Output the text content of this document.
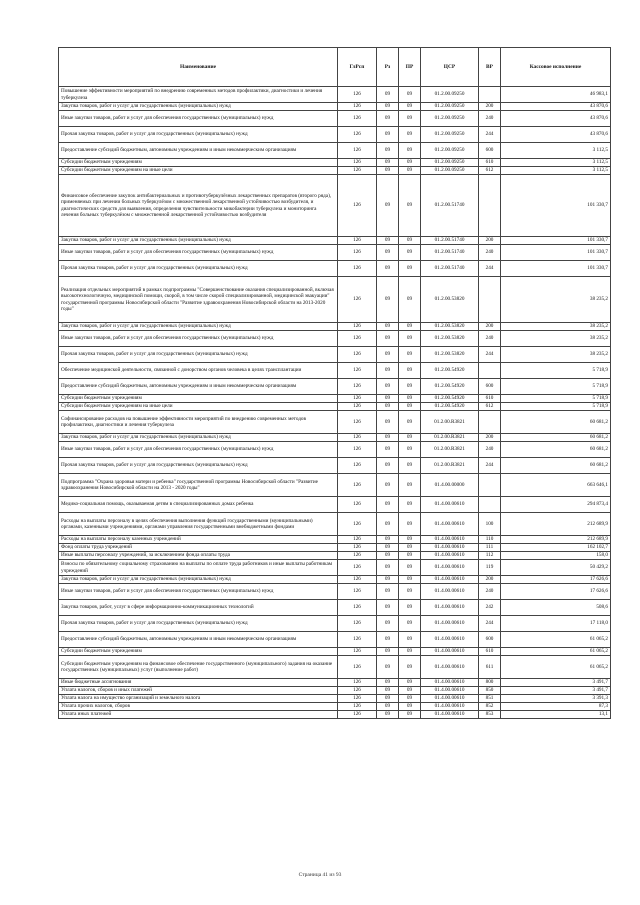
Наименование	ГлРсп	Рз	ПР	ЦСР	ВР	Кассовое исполнение
Повышение эффективности мероприятий по внедрению современных методов профилактики, диагностики и лечения туберкулеза	126	09	09	01.2.00.09250		46 983,1
Закупка товаров, работ и услуг для государственных (муниципальных) нужд	126	09	09	01.2.00.09250	200	43 870,6
Иные закупки товаров, работ и услуг для обеспечения государственных (муниципальных) нужд	126	09	09	01.2.00.09250	240	43 870,6
Прочая закупка товаров, работ и услуг для государственных (муниципальных) нужд	126	09	09	01.2.00.09250	244	43 870,6
Предоставление субсидий бюджетным, автономным учреждениям и иным некоммерческим организациям	126	09	09	01.2.00.09250	600	3 112,5
Субсидии бюджетным учреждениям	126	09	09	01.2.00.09250	610	3 112,5
Субсидии бюджетным учреждениям на иные цели	126	09	09	01.2.00.09250	612	3 112,5
Финансовое обеспечение закупок антибактериальных и противотуберкулёзных лекарственных препаратов (второго ряда), применяемых при лечении больных туберкулёзом с множественной лекарственной устойчивостью возбудителя, и диагностических средств для выявления, определения чувствительности микобактерии туберкулеза и мониторинга лечения больных туберкулёзом с множественной лекарственной устойчивостью возбудителя	126	09	09	01.2.00.51740		101 330,7
Закупка товаров, работ и услуг для государственных (муниципальных) нужд	126	09	09	01.2.00.51740	200	101 330,7
Иные закупки товаров, работ и услуг для обеспечения государственных (муниципальных) нужд	126	09	09	01.2.00.51740	240	101 330,7
Прочая закупка товаров, работ и услуг для государственных (муниципальных) нужд	126	09	09	01.2.00.51740	244	101 330,7
Реализация отдельных мероприятий в рамках подпрограммы "Совершенствование оказания специализированной, включая высокотехнологичную, медицинской помощи, скорой, в том числе скорой специализированной, медицинской эвакуации" государственной программы Новосибирской области "Развитие здравоохранения Новосибирской области на 2013-2020 годы"	126	09	09	01.2.00.53820		38 235,2
Закупка товаров, работ и услуг для государственных (муниципальных) нужд	126	09	09	01.2.00.53820	200	38 235,2
Иные закупки товаров, работ и услуг для обеспечения государственных (муниципальных) нужд	126	09	09	01.2.00.53820	240	38 235,2
Прочая закупка товаров, работ и услуг для государственных (муниципальных) нужд	126	09	09	01.2.00.53820	244	38 235,2
Обеспечение медицинской деятельности, связанной с донорством органов человека в целях трансплантации	126	09	09	01.2.00.54920		5 718,9
Предоставление субсидий бюджетным, автономным учреждениям и иным некоммерческим организациям	126	09	09	01.2.00.54920	600	5 718,9
Субсидии бюджетным учреждениям	126	09	09	01.2.00.54920	610	5 718,9
Субсидии бюджетным учреждениям на иные цели	126	09	09	01.2.00.54920	612	5 718,9
Софинансирование расходов на повышение эффективности мероприятий по внедрению современных методов профилактики, диагностики и лечения туберкулеза	126	09	09	01.2.00.R3821		60 681,2
Закупка товаров, работ и услуг для государственных (муниципальных) нужд	126	09	09	01.2.00.R3821	200	60 681,2
Иные закупки товаров, работ и услуг для обеспечения государственных (муниципальных) нужд	126	09	09	01.2.00.R3821	240	60 681,2
Прочая закупка товаров, работ и услуг для государственных (муниципальных) нужд	126	09	09	01.2.00.R3821	244	60 681,2
Подпрограмма "Охрана здоровья матери и ребенка" государственной программы Новосибирской области "Развитие здравоохранения Новосибирской области на 2013 - 2020 годы"	126	09	09	01.4.00.00000		663 646,1
Медико-социальная помощь, оказываемая детям в специализированных домах ребенка	126	09	09	01.4.00.00610		294 873,4
Расходы на выплаты персоналу в целях обеспечения выполнения функций государственными (муниципальными) органами, казенными учреждениями, органами управления государственными внебюджетными фондами	126	09	09	01.4.00.00610	100	212 689,9
Расходы на выплаты персоналу казенных учреждений	126	09	09	01.4.00.00610	110	212 689,9
Фонд оплаты труда учреждений	126	09	09	01.4.00.00610	111	162 102,7
Иные выплаты персоналу учреждений, за исключением фонда оплаты труда	126	09	09	01.4.00.00610	112	158,0
Взносы по обязательному социальному страхованию на выплаты по оплате труда работников и иные выплаты работникам учреждений	126	09	09	01.4.00.00610	119	50 429,2
Закупка товаров, работ и услуг для государственных (муниципальных) нужд	126	09	09	01.4.00.00610	200	17 626,6
Иные закупки товаров, работ и услуг для обеспечения государственных (муниципальных) нужд	126	09	09	01.4.00.00610	240	17 626,6
Закупка товаров, работ, услуг в сфере информационно-коммуникационных технологий	126	09	09	01.4.00.00610	242	508,6
Прочая закупка товаров, работ и услуг для государственных (муниципальных) нужд	126	09	09	01.4.00.00610	244	17 118,0
Предоставление субсидий бюджетным, автономным учреждениям и иным некоммерческим организациям	126	09	09	01.4.00.00610	600	61 065,2
Субсидии бюджетным учреждениям	126	09	09	01.4.00.00610	610	61 065,2
Субсидии бюджетным учреждениям на финансовое обеспечение государственного (муниципального) задания на оказание государственных (муниципальных) услуг (выполнение работ)	126	09	09	01.4.00.00610	611	61 065,2
Иные бюджетные ассигнования	126	09	09	01.4.00.00610	800	3 491,7
Уплата налогов, сборов и иных платежей	126	09	09	01.4.00.00610	850	3 491,7
Уплата налога на имущество организаций и земельного налога	126	09	09	01.4.00.00610	851	3 391,3
Уплата прочих налогов, сборов	126	09	09	01.4.00.00610	852	87,3
Уплата иных платежей	126	09	09	01.4.00.00610	853	13,1
Страница 41 из 93
